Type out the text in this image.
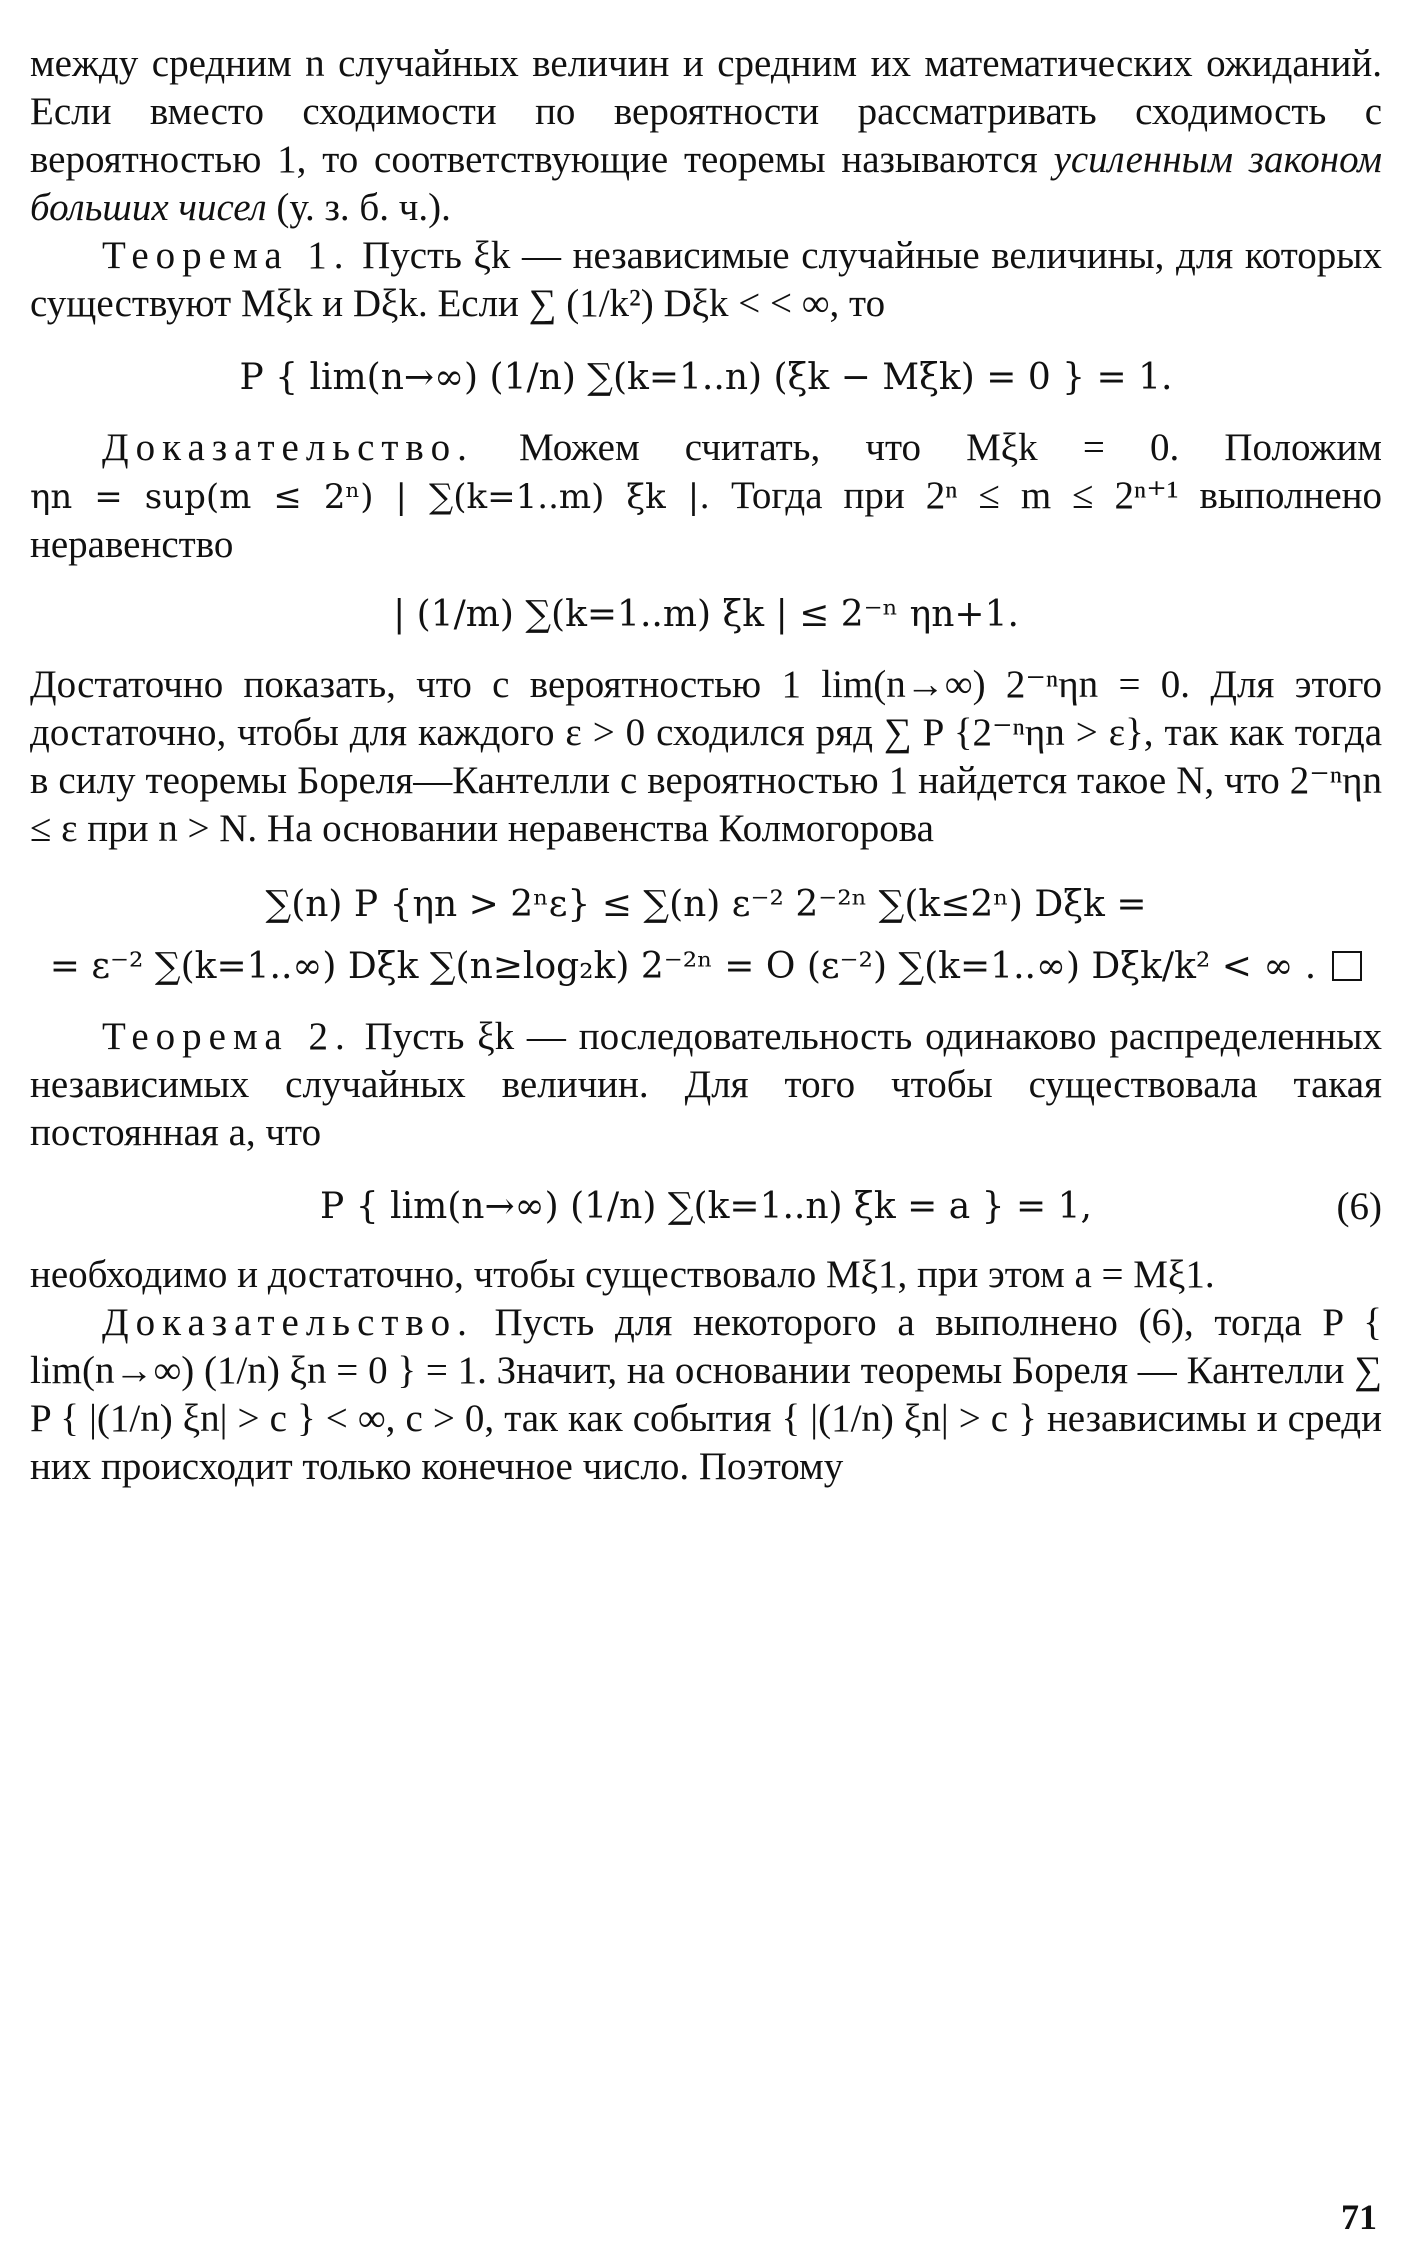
между средним n случайных величин и средним их математических ожиданий. Если вместо сходимости по вероятности рассматривать сходимость с вероятностью 1, то соответствующие теоремы называются усиленным законом больших чисел (у. з. б. ч.).

Теорема 1. Пусть ξk — независимые случайные величины, для которых существуют Mξk и Dξk. Если ∑ (1/k²) Dξk < < ∞, то

P { lim(n→∞) (1/n) ∑(k=1..n) (ξk − Mξk) = 0 } = 1.

Доказательство. Можем считать, что Mξk = 0. Положим ηn = sup(m ≤ 2ⁿ) | ∑(k=1..m) ξk |. Тогда при 2ⁿ ≤ m ≤ 2ⁿ⁺¹ выполнено неравенство

| (1/m) ∑(k=1..m) ξk | ≤ 2⁻ⁿ ηn+1.

Достаточно показать, что с вероятностью 1 lim(n→∞) 2⁻ⁿηn = 0. Для этого достаточно, чтобы для каждого ε > 0 сходился ряд ∑ P {2⁻ⁿηn > ε}, так как тогда в силу теоремы Бореля—Кантелли с вероятностью 1 найдется такое N, что 2⁻ⁿηn ≤ ε при n > N. На основании неравенства Колмогорова

∑(n) P {ηn > 2ⁿε} ≤ ∑(n) ε⁻² 2⁻²ⁿ ∑(k≤2ⁿ) Dξk =
= ε⁻² ∑(k=1..∞) Dξk ∑(n≥log₂k) 2⁻²ⁿ = O (ε⁻²) ∑(k=1..∞) Dξk/k² < ∞ .

Теорема 2. Пусть ξk — последовательность одинаково распределенных независимых случайных величин. Для того чтобы существовала такая постоянная a, что

P { lim(n→∞) (1/n) ∑(k=1..n) ξk = a } = 1,	(6)

необходимо и достаточно, чтобы существовало Mξ1, при этом a = Mξ1.

Доказательство. Пусть для некоторого a выполнено (6), тогда P { lim(n→∞) (1/n) ξn = 0 } = 1. Значит, на основании теоремы Бореля — Кантелли ∑ P { |(1/n) ξn| > c } < ∞, c > 0, так как события { |(1/n) ξn| > c } независимы и среди них происходит только конечное число. Поэтому

71
